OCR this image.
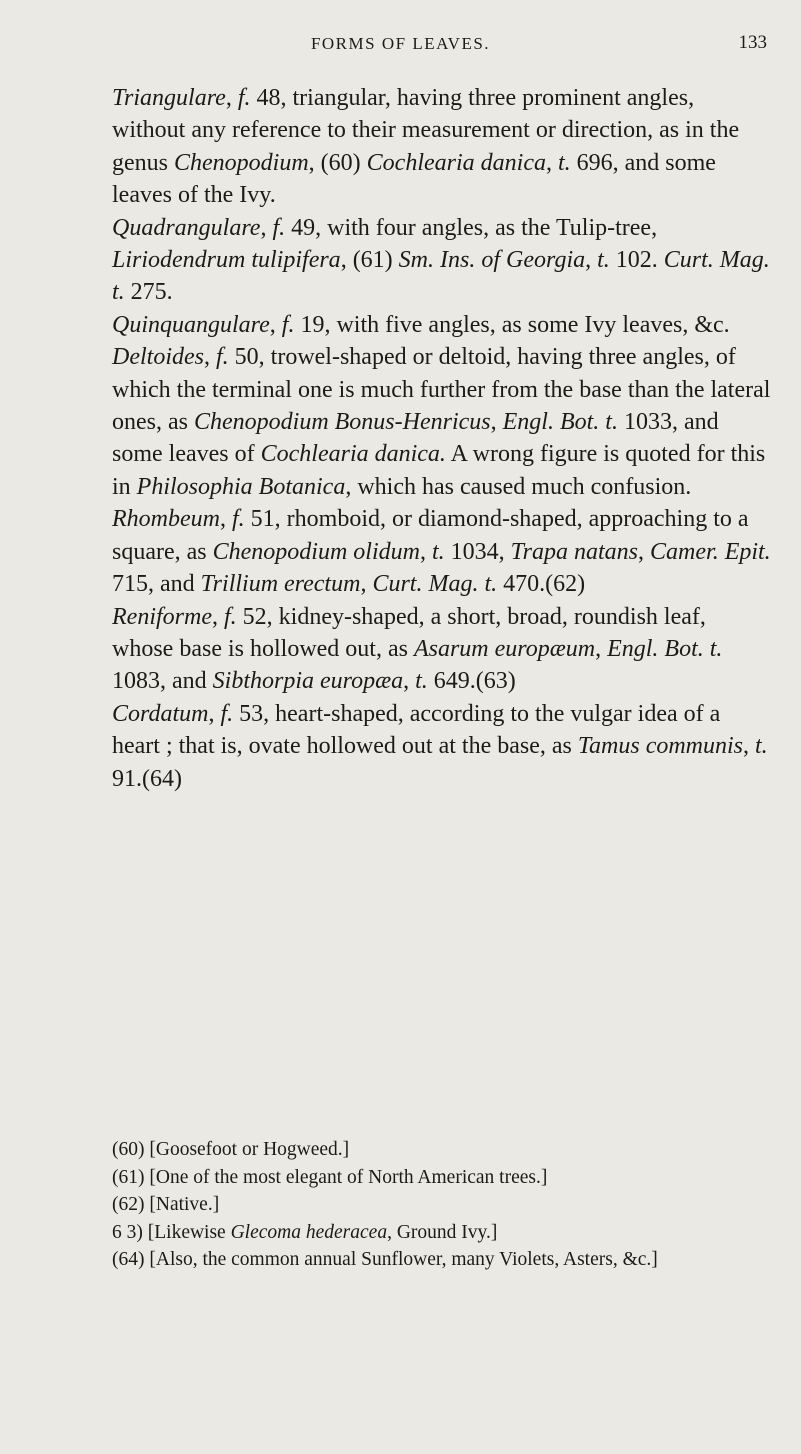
FORMS OF LEAVES.	133

Triangulare, f. 48, triangular, having three prominent angles, without any reference to their measurement or direction, as in the genus Chenopodium, (60) Cochlearia danica, t. 696, and some leaves of the Ivy.

Quadrangulare, f. 49, with four angles, as the Tulip-tree, Liriodendrum tulipifera, (61) Sm. Ins. of Georgia, t. 102. Curt. Mag. t. 275.

Quinquangulare, f. 19, with five angles, as some Ivy leaves, &c.

Deltoides, f. 50, trowel-shaped or deltoid, having three angles, of which the terminal one is much further from the base than the lateral ones, as Chenopodium Bonus-Henricus, Engl. Bot. t. 1033, and some leaves of Cochlearia danica. A wrong figure is quoted for this in Philosophia Botanica, which has caused much confusion.

Rhombeum, f. 51, rhomboid, or diamond-shaped, approaching to a square, as Chenopodium olidum, t. 1034, Trapa natans, Camer. Epit. 715, and Trillium erectum, Curt. Mag. t. 470.(62)

Reniforme, f. 52, kidney-shaped, a short, broad, roundish leaf, whose base is hollowed out, as Asarum europæum, Engl. Bot. t. 1083, and Sibthorpia europæa, t. 649.(63)

Cordatum, f. 53, heart-shaped, according to the vulgar idea of a heart ; that is, ovate hollowed out at the base, as Tamus communis, t. 91.(64)

(60) [Goosefoot or Hogweed.]

(61) [One of the most elegant of North American trees.]

(62) [Native.]

6 3) [Likewise Glecoma hederacea, Ground Ivy.]

(64) [Also, the common annual Sunflower, many Violets, Asters, &c.]
